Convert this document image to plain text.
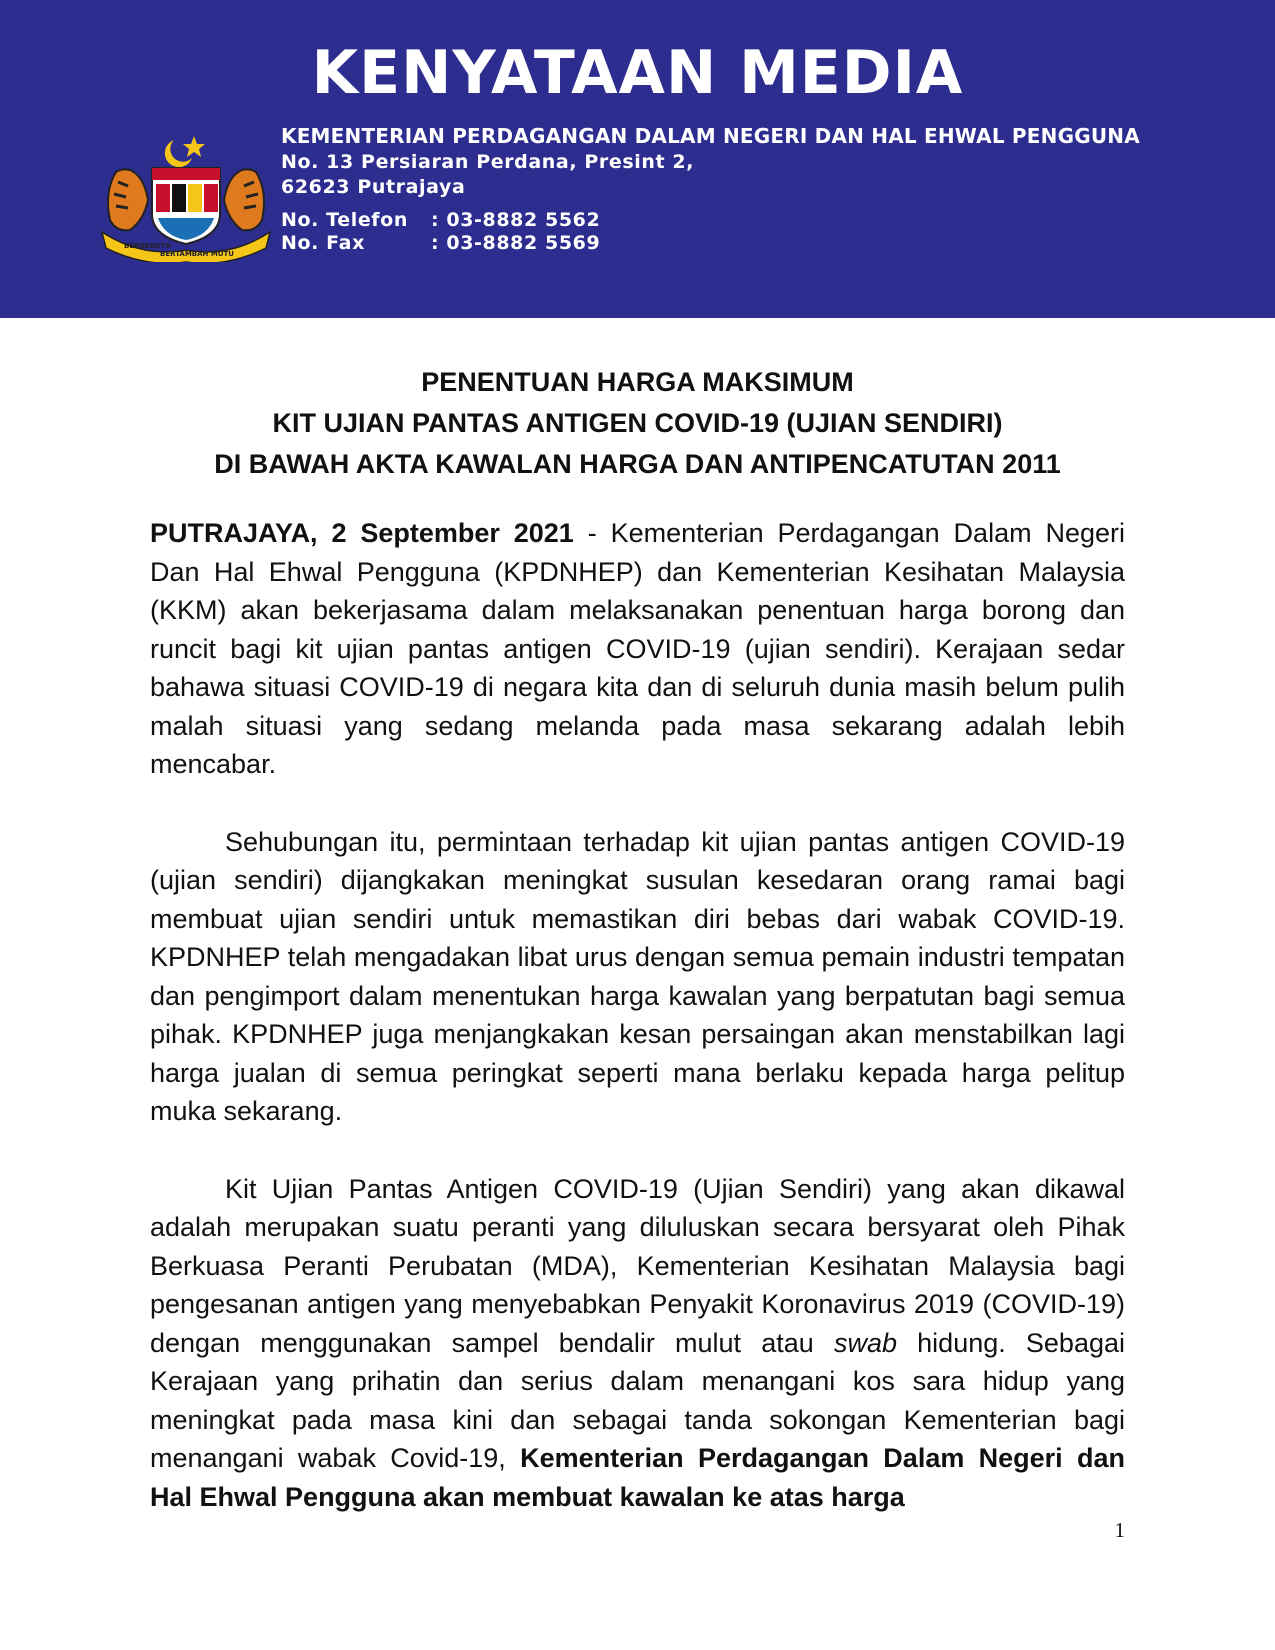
KENYATAAN MEDIA
BERSEKUTU
BERTAMBAH MUTU
KEMENTERIAN PERDAGANGAN DALAM NEGERI DAN HAL EHWAL PENGGUNA
No. 13 Persiaran Perdana, Presint 2,
62623 Putrajaya
No. Telefon	: 03-8882 5562
No. Fax	: 03-8882 5569
PENENTUAN HARGA MAKSIMUM
KIT UJIAN PANTAS ANTIGEN COVID-19 (UJIAN SENDIRI)
DI BAWAH AKTA KAWALAN HARGA DAN ANTIPENCATUTAN 2011

PUTRAJAYA, 2 September 2021 - Kementerian Perdagangan Dalam Negeri Dan Hal Ehwal Pengguna (KPDNHEP) dan Kementerian Kesihatan Malaysia (KKM) akan bekerjasama dalam melaksanakan penentuan harga borong dan runcit bagi kit ujian pantas antigen COVID-19 (ujian sendiri). Kerajaan sedar bahawa situasi COVID-19 di negara kita dan di seluruh dunia masih belum pulih malah situasi yang sedang melanda pada masa sekarang adalah lebih mencabar.

Sehubungan itu, permintaan terhadap kit ujian pantas antigen COVID-19 (ujian sendiri) dijangkakan meningkat susulan kesedaran orang ramai bagi membuat ujian sendiri untuk memastikan diri bebas dari wabak COVID-19. KPDNHEP telah mengadakan libat urus dengan semua pemain industri tempatan dan pengimport dalam menentukan harga kawalan yang berpatutan bagi semua pihak. KPDNHEP juga menjangkakan kesan persaingan akan menstabilkan lagi harga jualan di semua peringkat seperti mana berlaku kepada harga pelitup muka sekarang.

Kit Ujian Pantas Antigen COVID-19 (Ujian Sendiri) yang akan dikawal adalah merupakan suatu peranti yang diluluskan secara bersyarat oleh Pihak Berkuasa Peranti Perubatan (MDA), Kementerian Kesihatan Malaysia bagi pengesanan antigen yang menyebabkan Penyakit Koronavirus 2019 (COVID-19) dengan menggunakan sampel bendalir mulut atau swab hidung. Sebagai Kerajaan yang prihatin dan serius dalam menangani kos sara hidup yang meningkat pada masa kini dan sebagai tanda sokongan Kementerian bagi menangani wabak Covid-19, Kementerian Perdagangan Dalam Negeri dan Hal Ehwal Pengguna akan membuat kawalan ke atas harga

1
